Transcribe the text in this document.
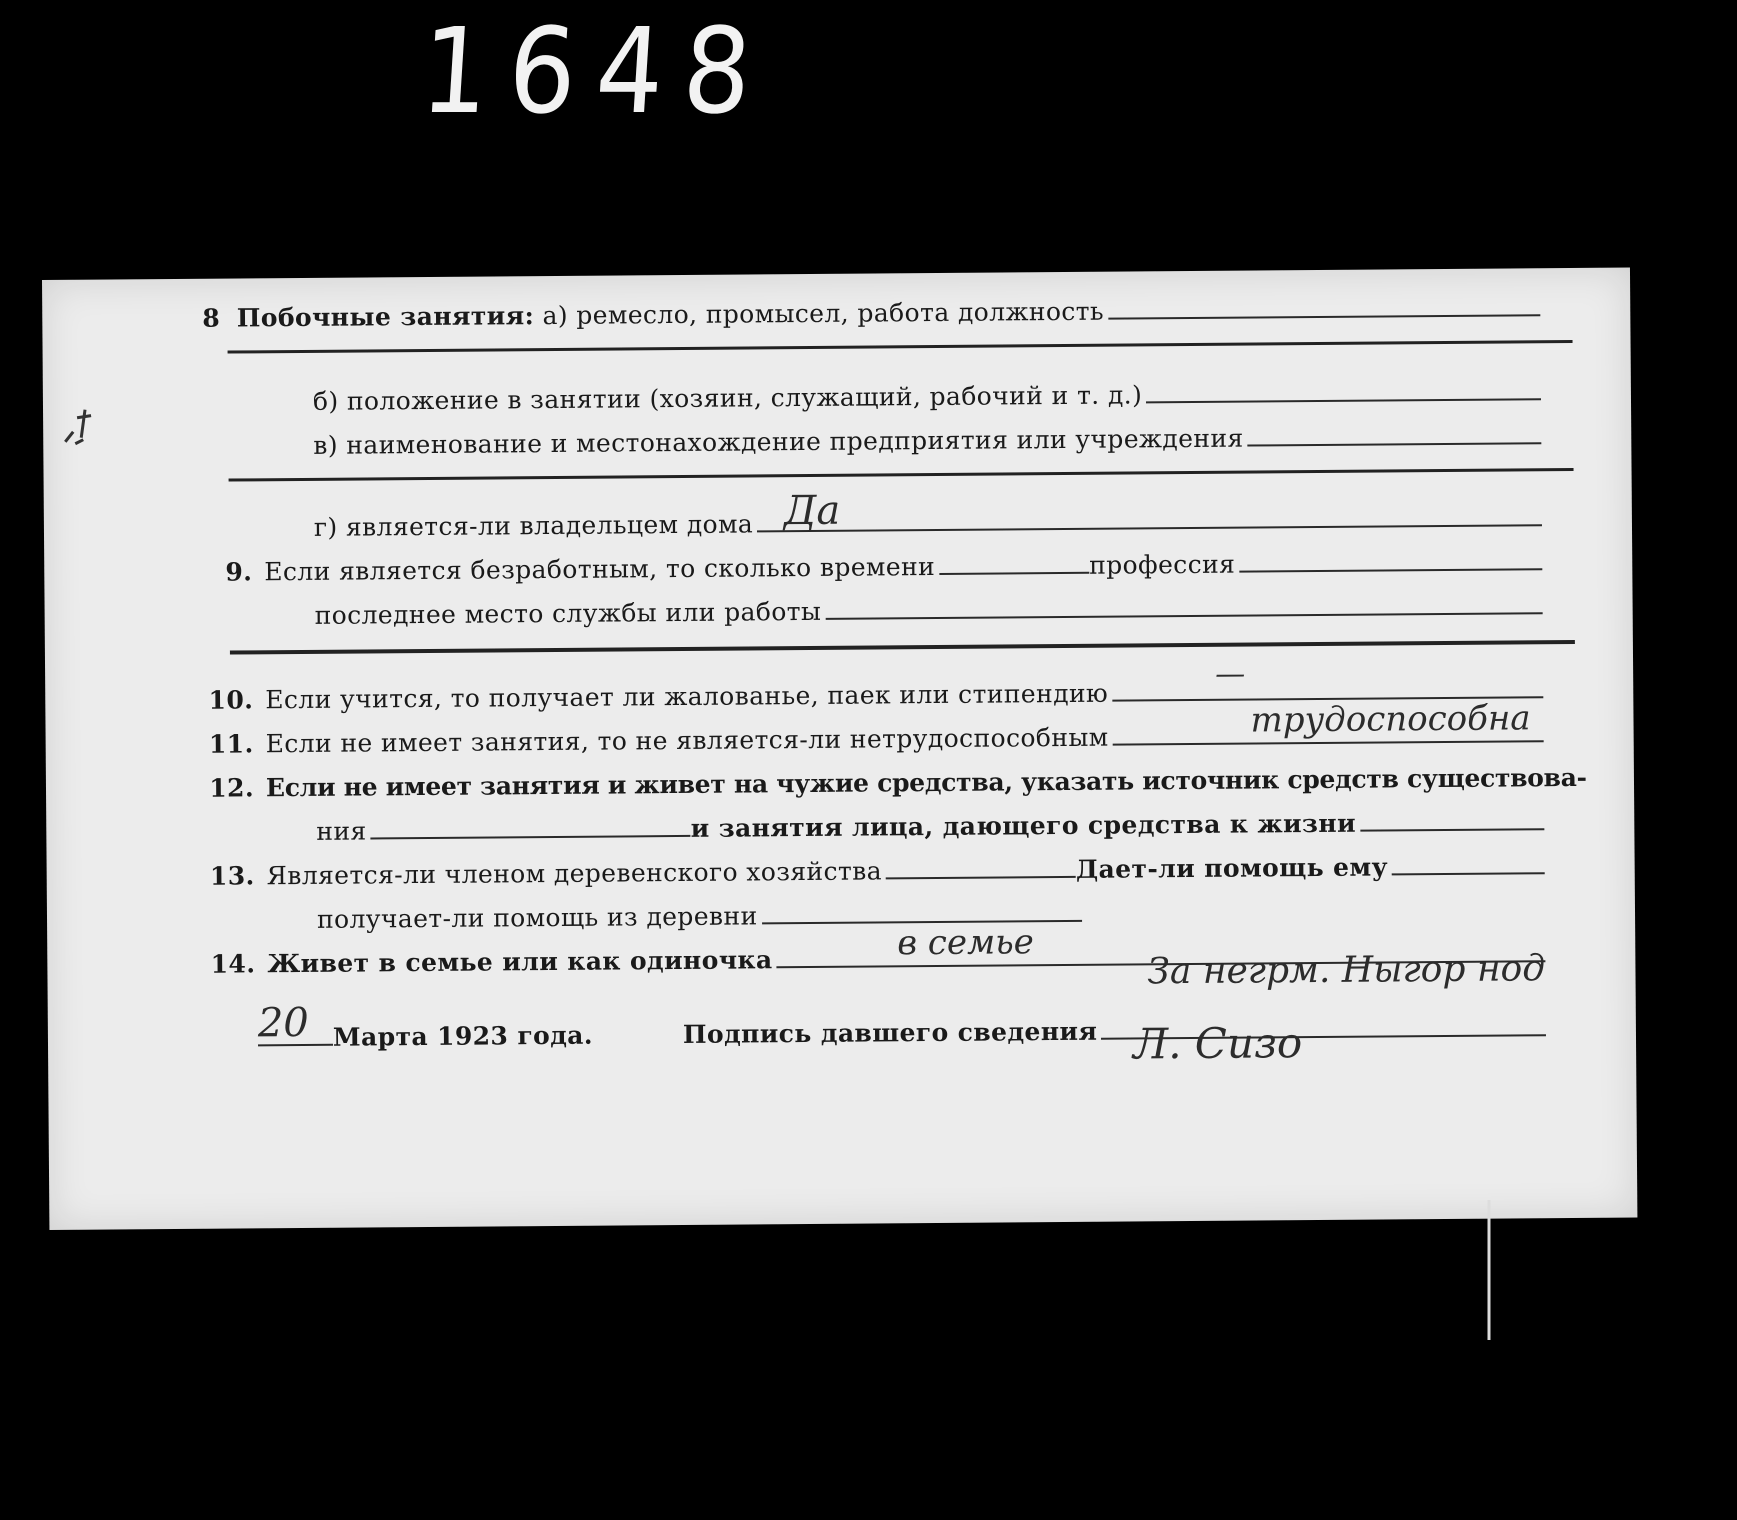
1648
8
Побочные занятия:
а) ремесло, промысел, работа должность
б) положение в занятии (хозяин, служащий, рабочий и т. д.)
в) наименование и местонахождение предприятия или учреждения
г) является-ли владельцем дома Да
9. Если является безработным, то сколько времени	профессия
последнее место службы или работы
10. Если учится, то получает ли жалованье, паек или стипендию
—
11. Если не имеет занятия, то не является-ли нетрудоспособным	трудоспособна
12. Если не имеет занятия и живет на чужие средства, указать источник средств существова-
ния	и занятия лица, дающего средства к жизни
13. Является-ли членом деревенского хозяйства	Дает-ли помощь ему
получает-ли помощь из деревни
14. Живет в семье или как одиночка	в семье
Марта 1923 года.	Подпись давшего сведения
20
За негрм. Ныгор нод
Л. Сизо
